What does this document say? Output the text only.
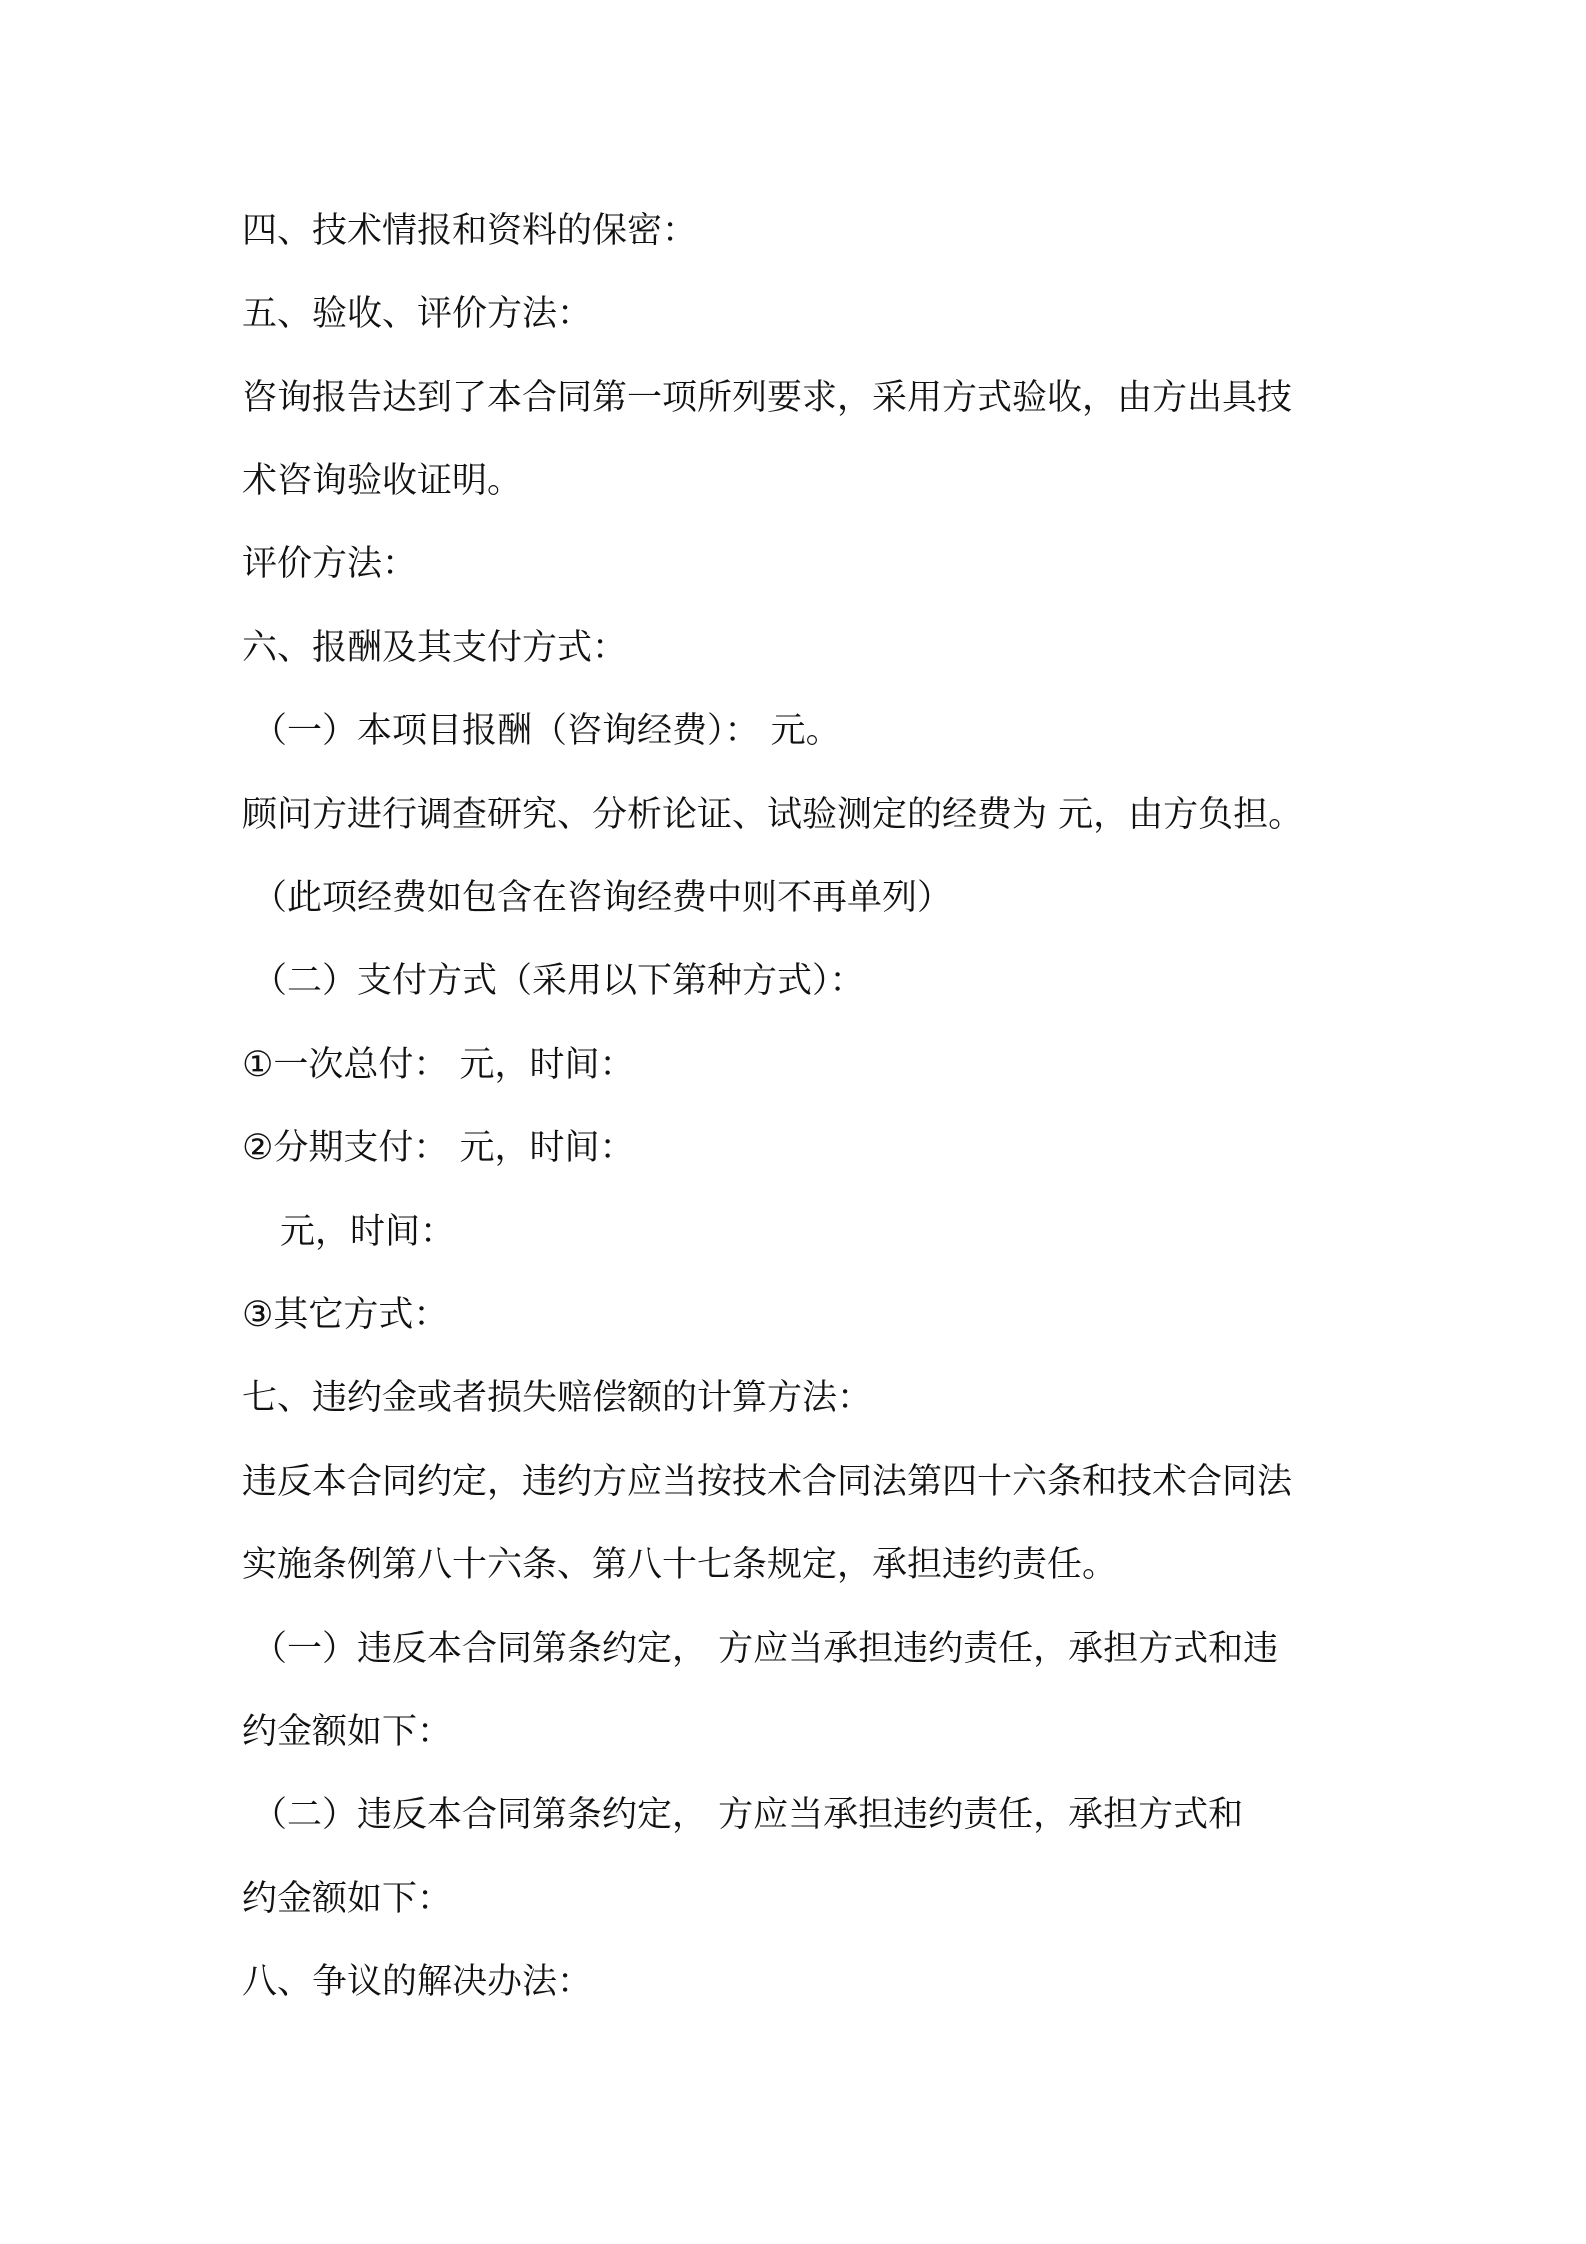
四、技术情报和资料的保密：
五、验收、评价方法：
咨询报告达到了本合同第一项所列要求，采用方式验收，由方出具技
术咨询验收证明。
评价方法：
六、报酬及其支付方式：
（一）本项目报酬（咨询经费）： 元。
顾问方进行调查研究、分析论证、试验测定的经费为 元，由方负担。
（此项经费如包含在咨询经费中则不再单列）
（二）支付方式（采用以下第种方式）：
①一次总付： 元，时间：
②分期支付： 元，时间：
元，时间：
③其它方式：
七、违约金或者损失赔偿额的计算方法：
违反本合同约定，违约方应当按技术合同法第四十六条和技术合同法
实施条例第八十六条、第八十七条规定，承担违约责任。
（一）违反本合同第条约定， 方应当承担违约责任，承担方式和违
约金额如下：
（二）违反本合同第条约定， 方应当承担违约责任，承担方式和
约金额如下：
八、争议的解决办法：
